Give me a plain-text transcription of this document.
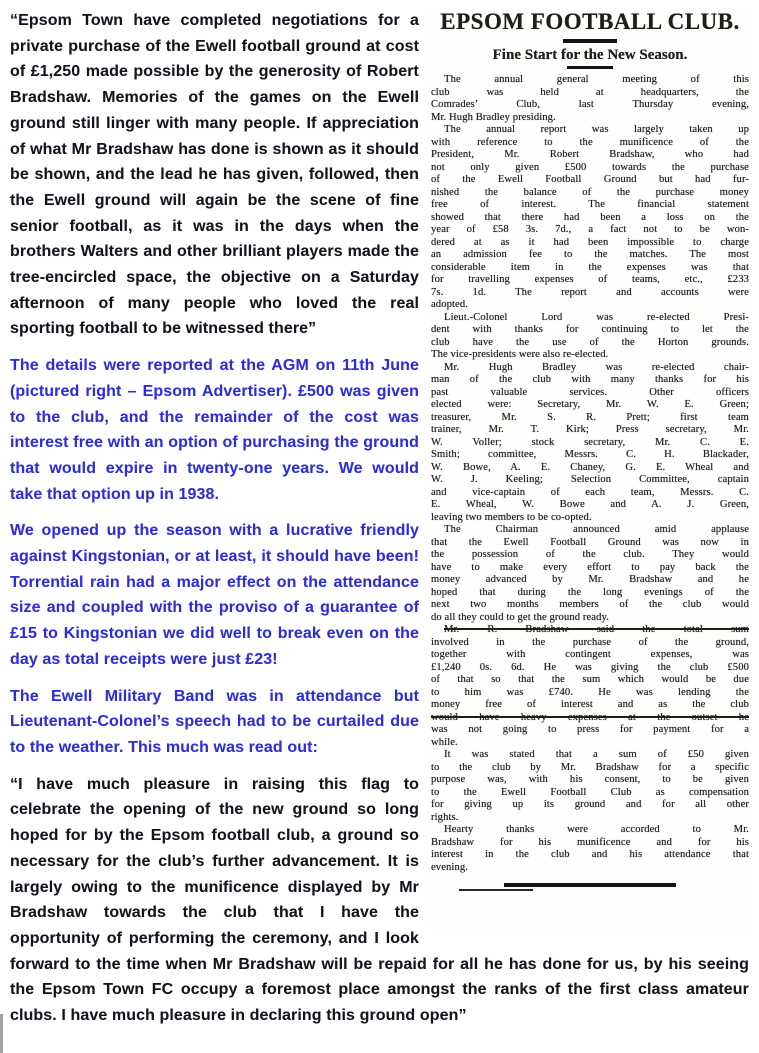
EPSOM FOOTBALL CLUB.
Fine Start for the New Season.
The annual general meeting of this
club was held at headquarters, the
Comrades’ Club, last Thursday evening,
Mr. Hugh Bradley presiding.
The annual report was largely taken up
with reference to the munificence of the
President, Mr. Robert Bradshaw, who had
not only given £500 towards the purchase
of the Ewell Football Ground but had fur-
nished the balance of the purchase money
free of interest. The financial statement
showed that there had been a loss on the
year of £58 3s. 7d., a fact not to be won-
dered at as it had been impossible to charge
an admission fee to the matches. The most
considerable item in the expenses was that
for travelling expenses of teams, etc., £233
7s. 1d. The report and accounts were
adopted.
Lieut.-Colonel Lord was re-elected Presi-
dent with thanks for continuing to let the
club have the use of the Horton grounds.
The vice-presidents were also re-elected.
Mr. Hugh Bradley was re-elected chair-
man of the club with many thanks for his
past valuable services. Other officers
elected were: Secretary, Mr. W. E. Green;
treasurer, Mr. S. R. Prett; first team
trainer, Mr. T. Kirk; Press secretary, Mr.
W. Voller; stock secretary, Mr. C. E.
Smith; committee, Messrs. C. H. Blackader,
W. Bowe, A. E. Chaney, G. E. Wheal and
W. J. Keeling; Selection Committee, captain
and vice-captain of each team, Messrs. C.
E. Wheal, W. Bowe and A. J. Green,
leaving two members to be co-opted.
The Chairman announced amid applause
that the Ewell Football Ground was now in
the possession of the club. They would
have to make every effort to pay back the
money advanced by Mr. Bradshaw and he
hoped that during the long evenings of the
next two months members of the club would
do all they could to get the ground ready.
Mr. R. Bradshaw said the total sum
involved in the purchase of the ground,
together with contingent expenses, was
£1,240 0s. 6d. He was giving the club £500
of that so that the sum which would be due
to him was £740. He was lending the
money free of interest and as the club
would have heavy expenses at the outset he
was not going to press for payment for a
while.
It was stated that a sum of £50 given
to the club by Mr. Bradshaw for a specific
purpose was, with his consent, to be given
to the Ewell Football Club as compensation
for giving up its ground and for all other
rights.
Hearty thanks were accorded to Mr.
Bradshaw for his munificence and for his
interest in the club and his attendance that
evening.

“Epsom Town have completed negotiations for a private purchase of the Ewell football ground at cost of £1,250 made possible by the generosity of Robert Bradshaw. Memories of the games on the Ewell ground still linger with many people. If appreciation of what Mr Bradshaw has done is shown as it should be shown, and the lead he has given, followed, then the Ewell ground will again be the scene of fine senior football, as it was in the days when the brothers Walters and other brilliant players made the tree-encircled space, the objective on a Saturday afternoon of many people who loved the real sporting football to be witnessed there”

The details were reported at the AGM on 11th June (pictured right – Epsom Advertiser). £500 was given to the club, and the remainder of the cost was interest free with an option of purchasing the ground that would expire in twenty-one years. We would take that option up in 1938.

We opened up the season with a lucrative friendly against Kingstonian, or at least, it should have been! Torrential rain had a major effect on the attendance size and coupled with the proviso of a guarantee of £15 to Kingstonian we did well to break even on the day as total receipts were just £23!

The Ewell Military Band was in attendance but Lieutenant-Colonel’s speech had to be curtailed due to the weather. This much was read out:

“I have much pleasure in raising this flag to celebrate the opening of the new ground so long hoped for by the Epsom football club, a ground so necessary for the club’s further advancement. It is largely owing to the munificence displayed by Mr Bradshaw towards the club that I have the opportunity of performing the ceremony, and I look forward to the time when Mr Bradshaw will be repaid for all he has done for us, by his seeing the Epsom Town FC occupy a foremost place amongst the ranks of the first class amateur clubs. I have much pleasure in declaring this ground open”
